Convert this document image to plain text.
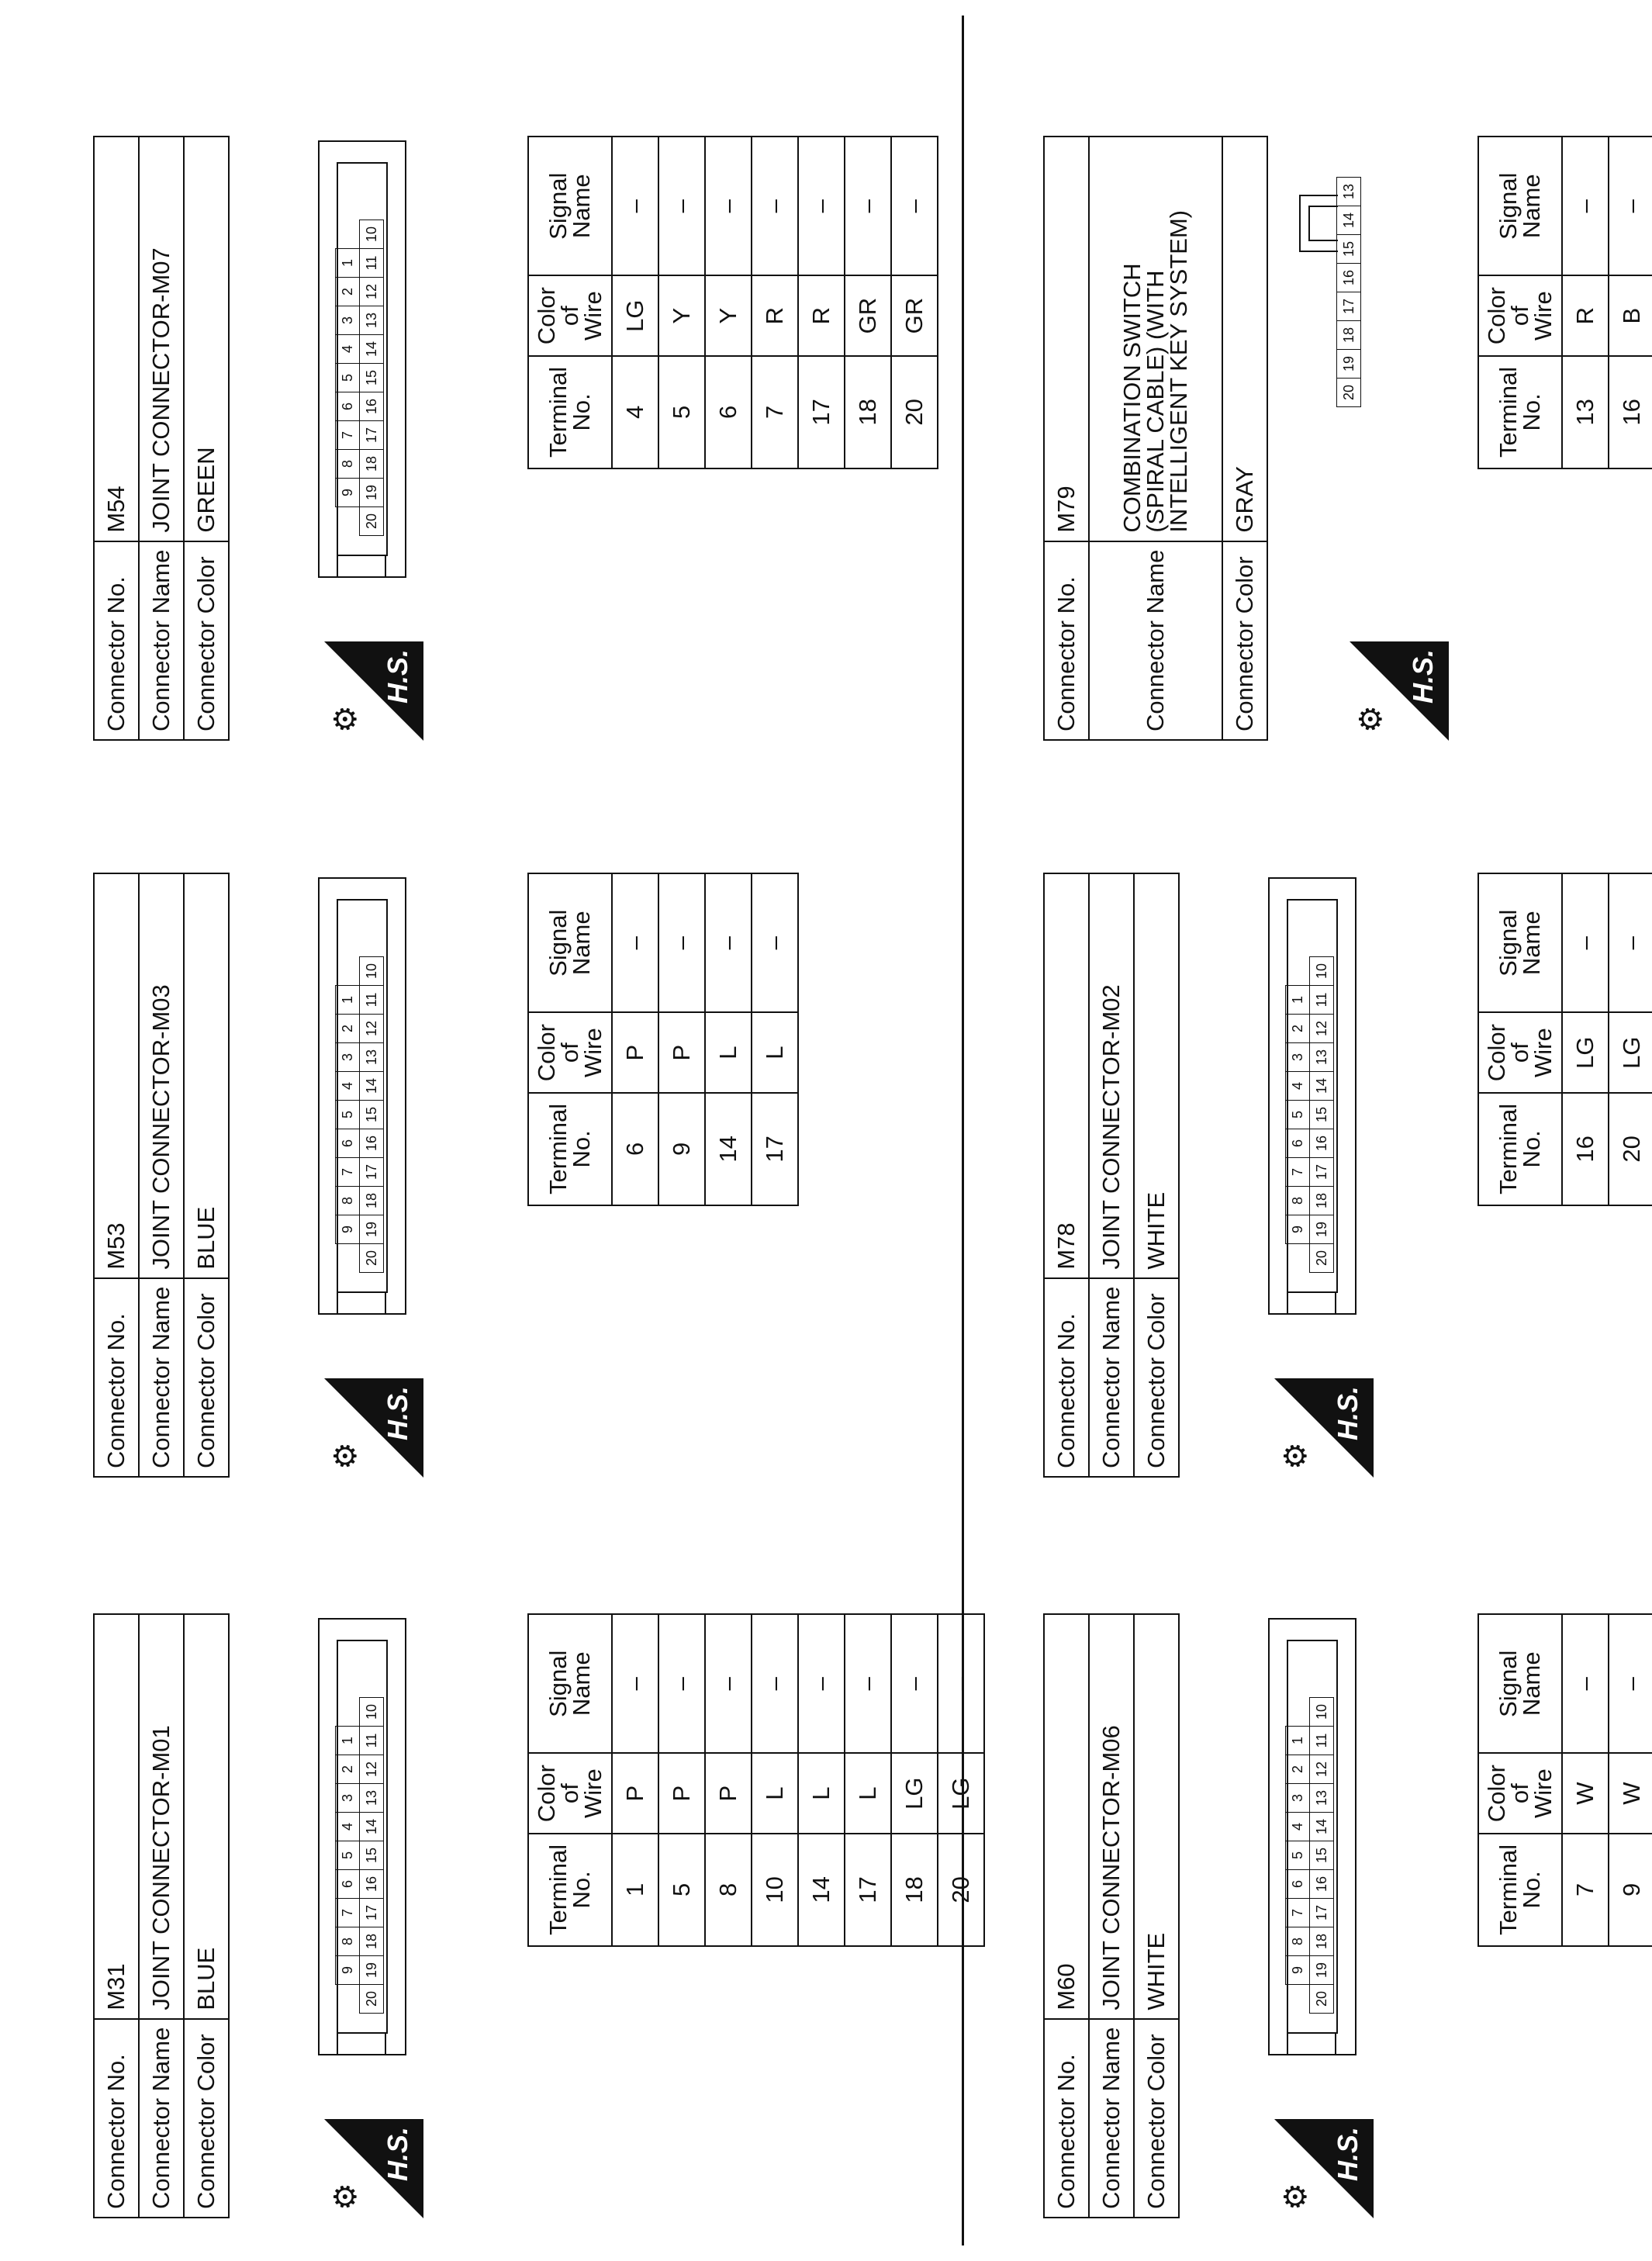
Connector No.	M54
Connector Name	JOINT CONNECTOR-M07
Connector Color	GREEN
⚙
H.S.
	9	8	7	6	5	4	3	2	1	
20	19	18	17	16	15	14	13	12	11	10
Terminal No.	Color of Wire	Signal Name
4	LG	–
5	Y	–
6	Y	–
7	R	–
17	R	–
18	GR	–
20	GR	–
Connector No.	M53
Connector Name	JOINT CONNECTOR-M03
Connector Color	BLUE
⚙
H.S.
	9	8	7	6	5	4	3	2	1	
20	19	18	17	16	15	14	13	12	11	10
Terminal No.	Color of Wire	Signal Name
6	P	–
9	P	–
14	L	–
17	L	–
Connector No.	M31
Connector Name	JOINT CONNECTOR-M01
Connector Color	BLUE
⚙
H.S.
	9	8	7	6	5	4	3	2	1	
20	19	18	17	16	15	14	13	12	11	10
Terminal No.	Color of Wire	Signal Name
1	P	–
5	P	–
8	P	–
10	L	–
14	L	–
17	L	–
18	LG	–
20	LG	–
Connector No.	M79
Connector Name	COMBINATION SWITCH
(SPIRAL CABLE) (WITH
INTELLIGENT KEY SYSTEM)

Connector Color	GRAY
⚙
H.S.
20	19	18	17	16	15	14	13
Terminal No.	Color of Wire	Signal Name
13	R	–
16	B	–
Connector No.	M78
Connector Name	JOINT CONNECTOR-M02
Connector Color	WHITE
⚙
H.S.
	9	8	7	6	5	4	3	2	1	
20	19	18	17	16	15	14	13	12	11	10
Terminal No.	Color of Wire	Signal Name
16	LG	–
20	LG	–
Connector No.	M60
Connector Name	JOINT CONNECTOR-M06
Connector Color	WHITE
⚙
H.S.
	9	8	7	6	5	4	3	2	1	
20	19	18	17	16	15	14	13	12	11	10
Terminal No.	Color of Wire	Signal Name
7	W	–
9	W	–
